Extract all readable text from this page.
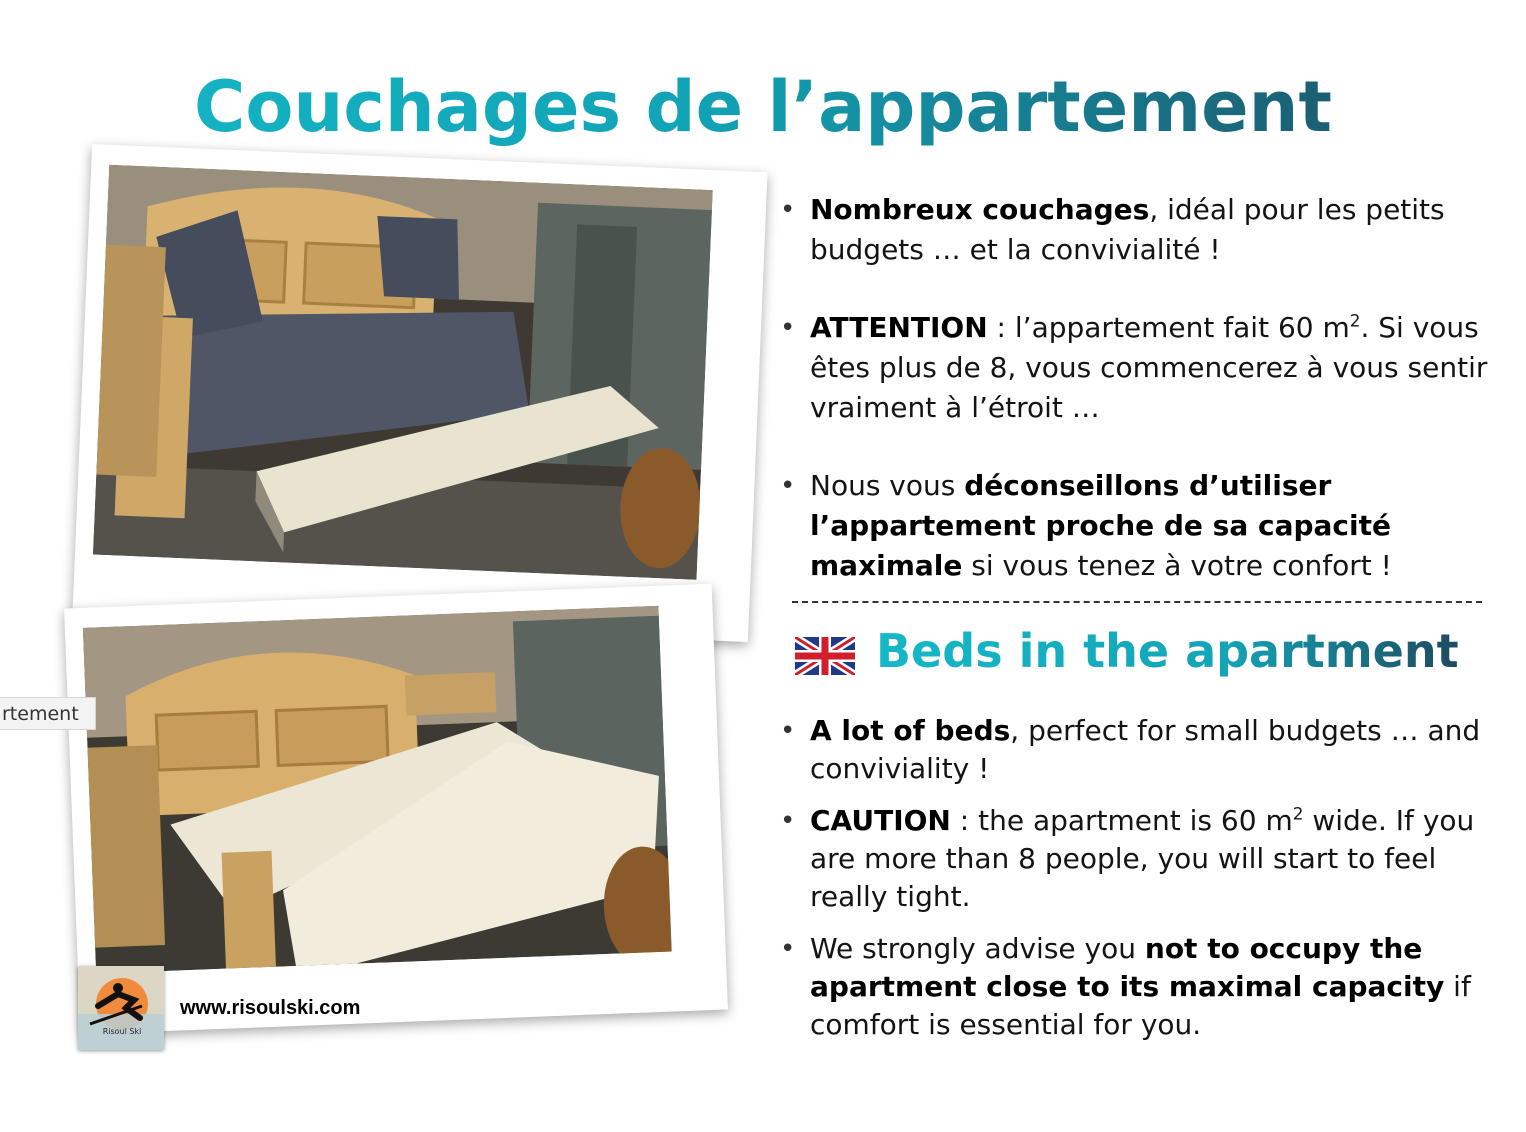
Couchages de l’appartement
rtement
Risoul Ski
www.risoulski.com
• Nombreux couchages, idéal pour les petits budgets … et la convivialité !
• ATTENTION : l’appartement fait 60 $m^2$. Si vous êtes plus de 8, vous commencerez à vous sentir vraiment à l’étroit …
• Nous vous déconseillons d’utiliser l’appartement proche de sa capacité maximale si vous tenez à votre confort !
Beds in the apartment
• A lot of beds, perfect for small budgets … and conviviality !
• CAUTION : the apartment is 60 $m^2$ wide. If you are more than 8 people, you will start to feel really tight.
• We strongly advise you not to occupy the apartment close to its maximal capacity if comfort is essential for you.
